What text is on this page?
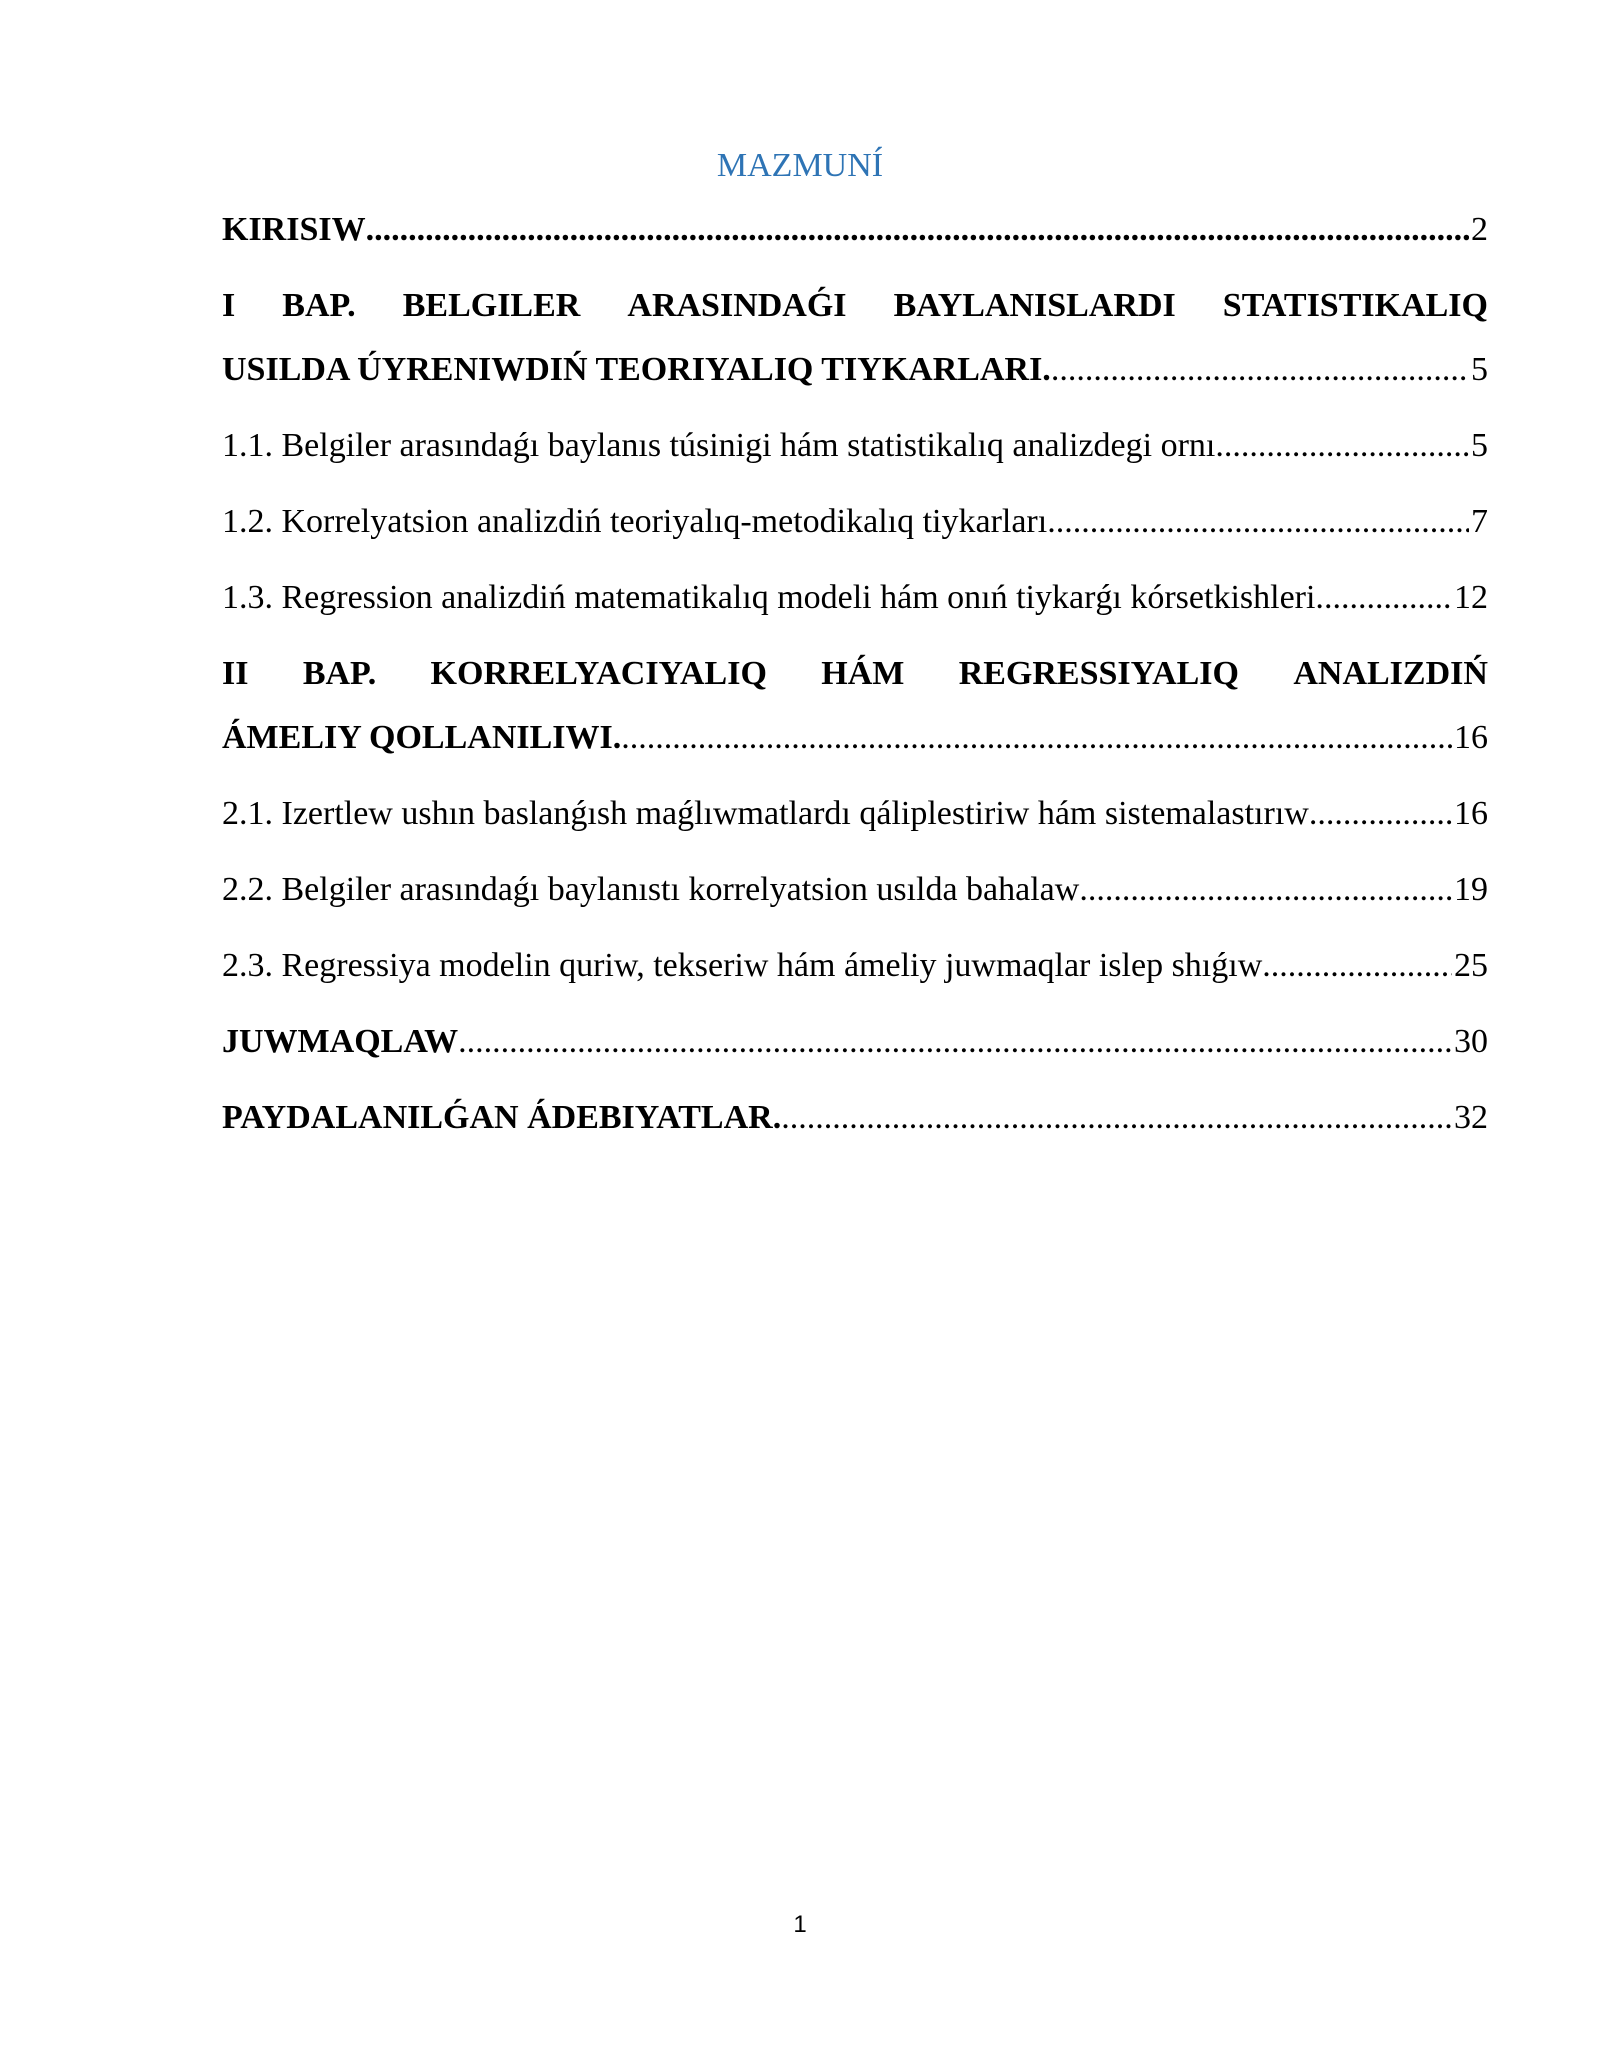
MAZMUNÍ
KIRISIW .....	2
I BAP. BELGILER ARASINDAǴI BAYLANISLARDI STATISTIKALIQ
USILDA ÚYRENIWDIŃ TEORIYALIQ TIYKARLARI. .....	5
1.1. Belgiler arasındaǵı baylanıs túsinigi hám statistikalıq analizdegi ornı .....	5
1.2. Korrelyatsion analizdiń teoriyalıq-metodikalıq tiykarları .....	7
1.3. Regression analizdiń matematikalıq modeli hám onıń tiykarǵı kórsetkishleri. .....	12
II BAP. KORRELYACIYALIQ HÁM REGRESSIYALIQ ANALIZDIŃ
ÁMELIY QOLLANILIWI. .....	16
2.1. Izertlew ushın baslanǵısh maǵlıwmatlardı qáliplestiriw hám sistemalastırıw .....	16
2.2. Belgiler arasındaǵı baylanıstı korrelyatsion usılda bahalaw .....	19
2.3. Regressiya modelin quriw, tekseriw hám ámeliy juwmaqlar islep shıǵıw .....	25
JUWMAQLAW .....	30
PAYDALANILǴAN ÁDEBIYATLAR. .....	32
1
